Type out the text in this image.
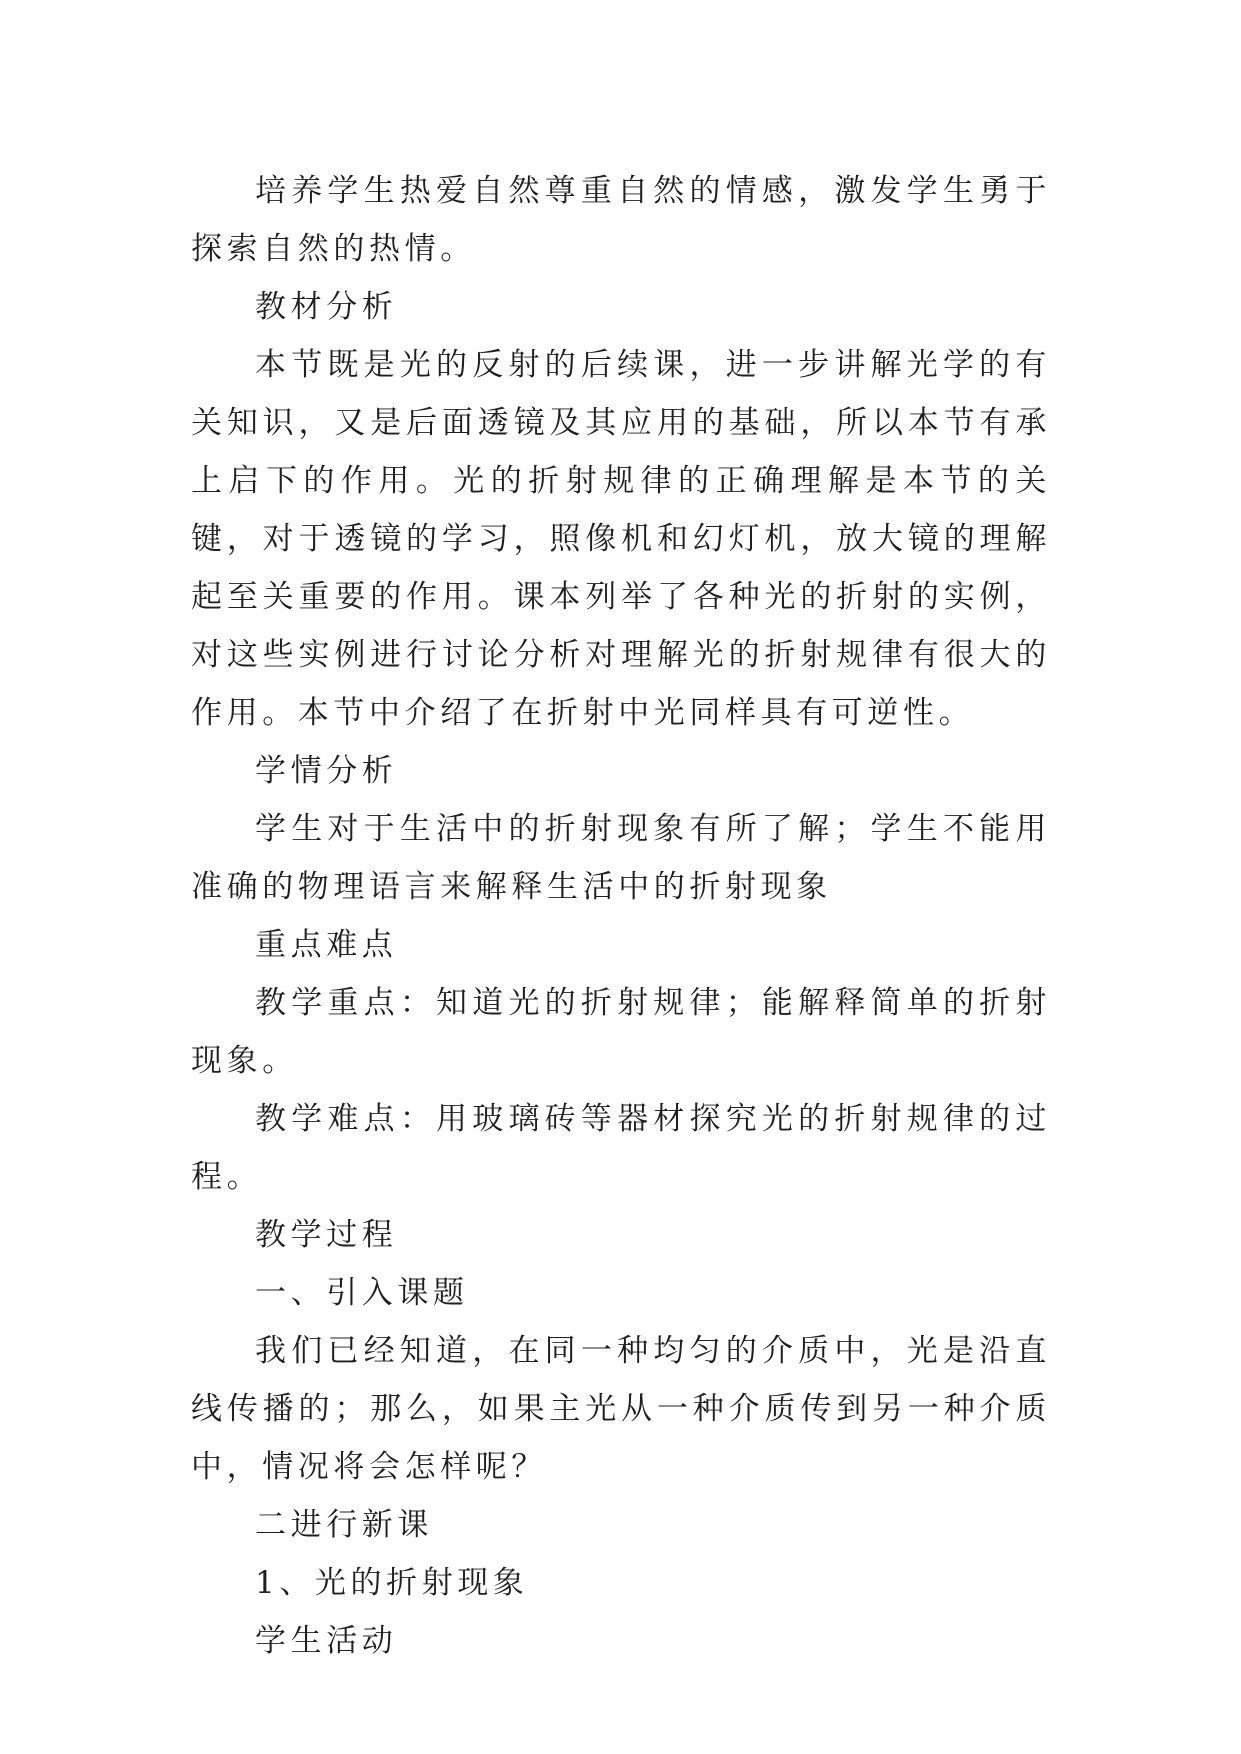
培养学生热爱自然尊重自然的情感，激发学生勇于探索自然的热情。

教材分析

本节既是光的反射的后续课，进一步讲解光学的有关知识，又是后面透镜及其应用的基础，所以本节有承上启下的作用。光的折射规律的正确理解是本节的关键，对于透镜的学习，照像机和幻灯机，放大镜的理解起至关重要的作用。课本列举了各种光的折射的实例，对这些实例进行讨论分析对理解光的折射规律有很大的作用。本节中介绍了在折射中光同样具有可逆性。

学情分析

学生对于生活中的折射现象有所了解；学生不能用准确的物理语言来解释生活中的折射现象

重点难点

教学重点：知道光的折射规律；能解释简单的折射现象。

教学难点：用玻璃砖等器材探究光的折射规律的过程。

教学过程

一、引入课题

我们已经知道，在同一种均匀的介质中，光是沿直线传播的；那么，如果主光从一种介质传到另一种介质中，情况将会怎样呢？

二进行新课

1、光的折射现象

学生活动
